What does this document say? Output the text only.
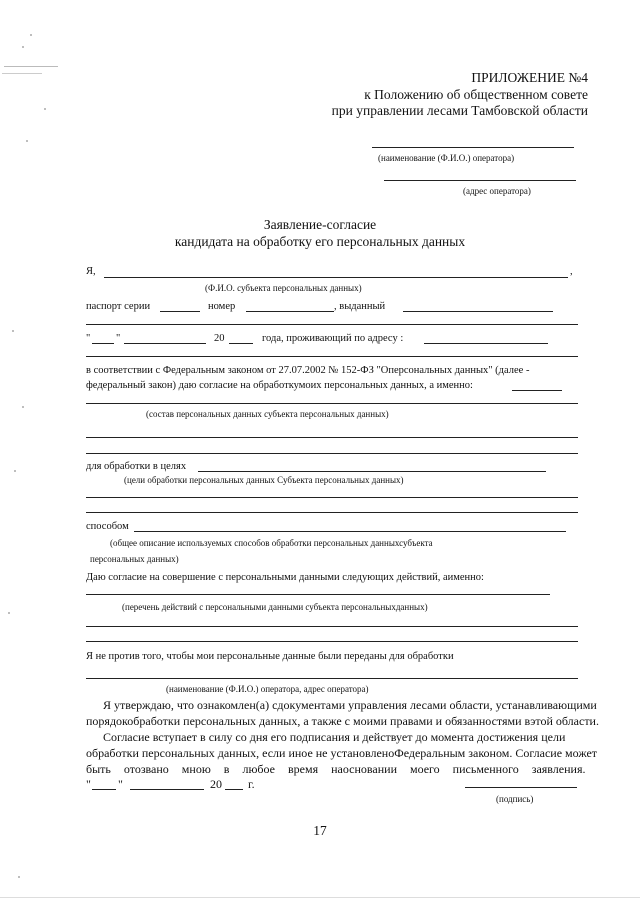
ПРИЛОЖЕНИЕ №4
к Положению об общественном совете
при управлении лесами Тамбовской области
(наименование (Ф.И.О.) оператора)
(адрес оператора)
Заявление-согласие
кандидата на обработку его персональных данных
Я,	,
(Ф.И.О. субъекта персональных данных)
паспорт серии	номер	, выданный
" "	20	года, проживающий по адресу :
в соответствии с Федеральным законом от 27.07.2002 № 152-ФЗ "Оперсональных данных" (далее -
федеральный закон) даю согласие на обработкумоих персональных данных, а именно:
(состав персональных данных субъекта персональных данных)
для обработки в целях
(цели обработки персональных данных Субъекта персональных данных)
способом
(общее описание используемых способов обработки персональных данныхсубъекта
персональных данных)
Даю согласие на совершение с персональными данными следующих действий, аименно:
(перечень действий с персональными данными субъекта персональныхданных)
Я не против того, чтобы мои персональные данные были переданы для обработки
(наименование (Ф.И.О.) оператора, адрес оператора)
Я утверждаю, что ознакомлен(а) сдокументами управления лесами области, устанавливающими
порядокобработки персональных данных, а также с моими правами и обязанностями вэтой области.
Согласие вступает в силу со дня его подписания и действует до момента достижения цели
обработки персональных данных, если иное не установленоФедеральным законом. Согласие может
быть отозвано мною в любое время наосновании моего письменного заявления.
" "	20 г.
(подпись)
17
